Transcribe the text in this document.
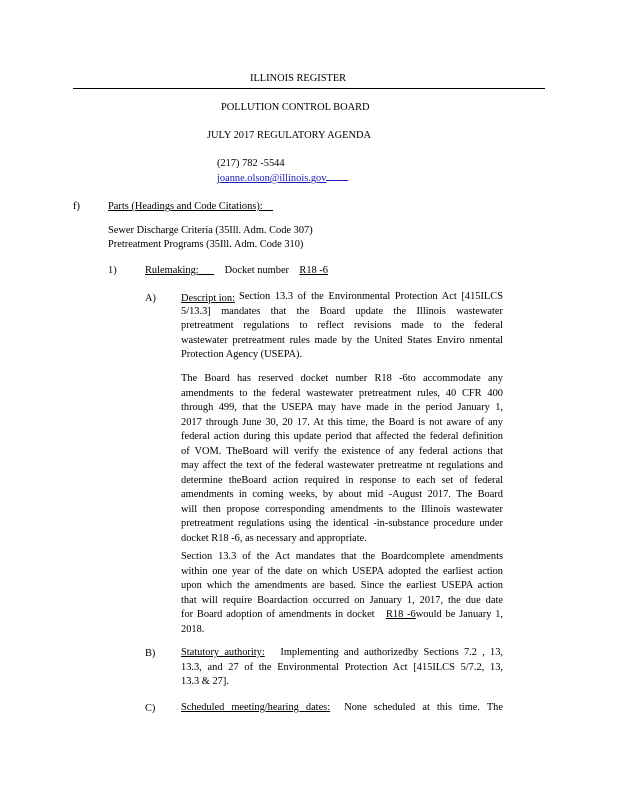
ILLINOIS REGISTER
POLLUTION CONTROL BOARD
JULY 2017 REGULATORY AGENDA
(217) 782 -5544
joanne.olson@illinois.gov
f)	Parts (Headings and Code Citations):
Sewer Discharge Criteria (35Ill. Adm. Code 307)
Pretreatment Programs (35Ill. Adm. Code 310)
1)	Rulemaking: Docket number R18 -6
A) Descript ion: Section 13.3 of the Environmental Protection Act [415ILCS
5/13.3] mandates that the Board update the Illinois wastewater
pretreatment regulations to reflect revisions made to the federal
wastewater pretreatment rules made by the United States Enviro nmental
Protection Agency (USEPA).
The Board has reserved docket number R18 -6to accommodate any
amendments to the federal wastewater pretreatment rules, 40 CFR 400
through 499, that the USEPA may have made in the period January 1,
2017 through June 30, 20 17. At this time, the Board is not aware of any
federal action during this update period that affected the federal definition
of VOM. TheBoard will verify the existence of any federal actions that
may affect the text of the federal wastewater pretreatme nt regulations and
determine theBoard action required in response to each set of federal
amendments in coming weeks, by about mid -August 2017. The Board
will then propose corresponding amendments to the Illinois wastewater
pretreatment regulations using the identical -in-substance procedure under
docket R18 -6, as necessary and appropriate.
Section 13.3 of the Act mandates that the Boardcomplete amendments
within one year of the date on which USEPA adopted the earliest action
upon which the amendments are based. Since the earliest USEPA action
that will require Boardaction occurred on January 1, 2017, the due date
for Board adoption of amendments in docket R18 -6would be January 1,
2018.
B) Statutory authority: Implementing and authorizedby Sections 7.2 , 13,
13.3, and 27 of the Environmental Protection Act [415ILCS 5/7.2, 13,
13.3 & 27].
C) Scheduled meeting/hearing dates: None scheduled at this time. The
